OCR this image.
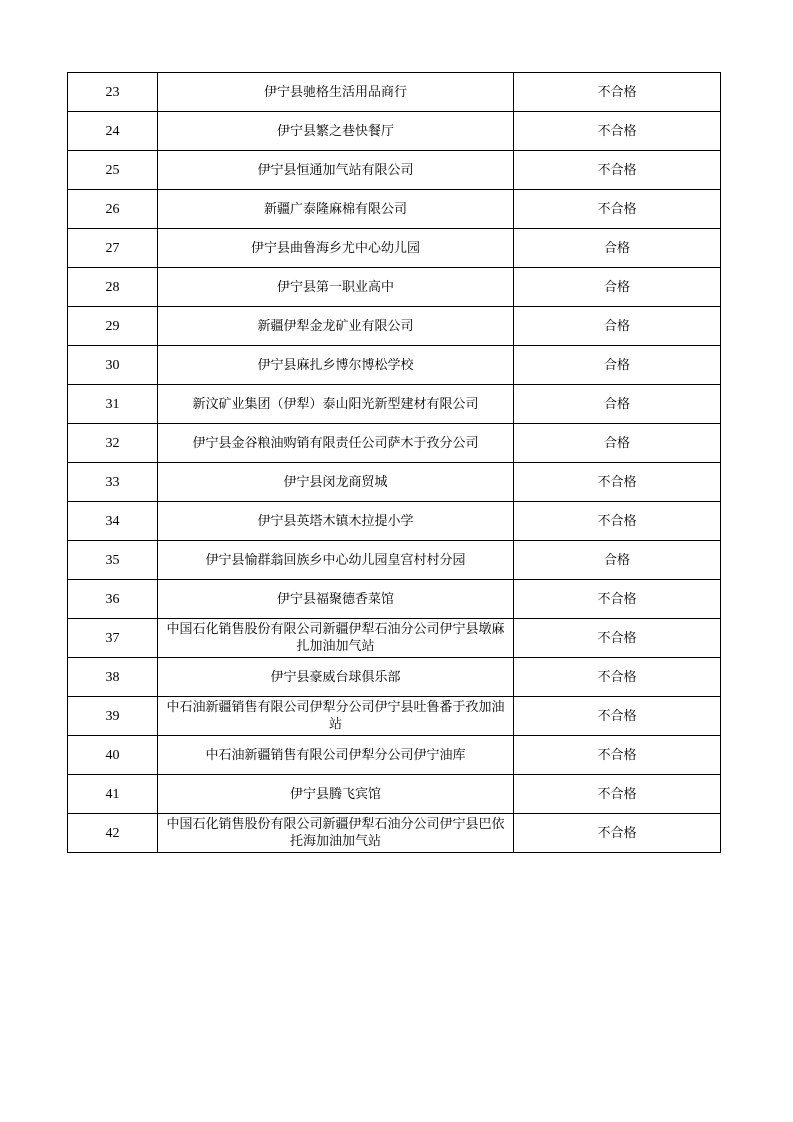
23	伊宁县驰格生活用品商行	不合格
24	伊宁县繁之巷快餐厅	不合格
25	伊宁县恒通加气站有限公司	不合格
26	新疆广泰隆麻棉有限公司	不合格
27	伊宁县曲鲁海乡尤中心幼儿园	合格
28	伊宁县第一职业高中	合格
29	新疆伊犁金龙矿业有限公司	合格
30	伊宁县麻扎乡博尔博松学校	合格
31	新汶矿业集团（伊犁）泰山阳光新型建材有限公司	合格
32	伊宁县金谷粮油购销有限责任公司萨木于孜分公司	合格
33	伊宁县闵龙商贸城	不合格
34	伊宁县英塔木镇木拉提小学	不合格
35	伊宁县愉群翁回族乡中心幼儿园皇宫村村分园	合格
36	伊宁县福聚德香菜馆	不合格
37	中国石化销售股份有限公司新疆伊犁石油分公司伊宁县墩麻扎加油加气站	不合格
38	伊宁县豪威台球俱乐部	不合格
39	中石油新疆销售有限公司伊犁分公司伊宁县吐鲁番于孜加油站	不合格
40	中石油新疆销售有限公司伊犁分公司伊宁油库	不合格
41	伊宁县腾飞宾馆	不合格
42	中国石化销售股份有限公司新疆伊犁石油分公司伊宁县巴依托海加油加气站	不合格
